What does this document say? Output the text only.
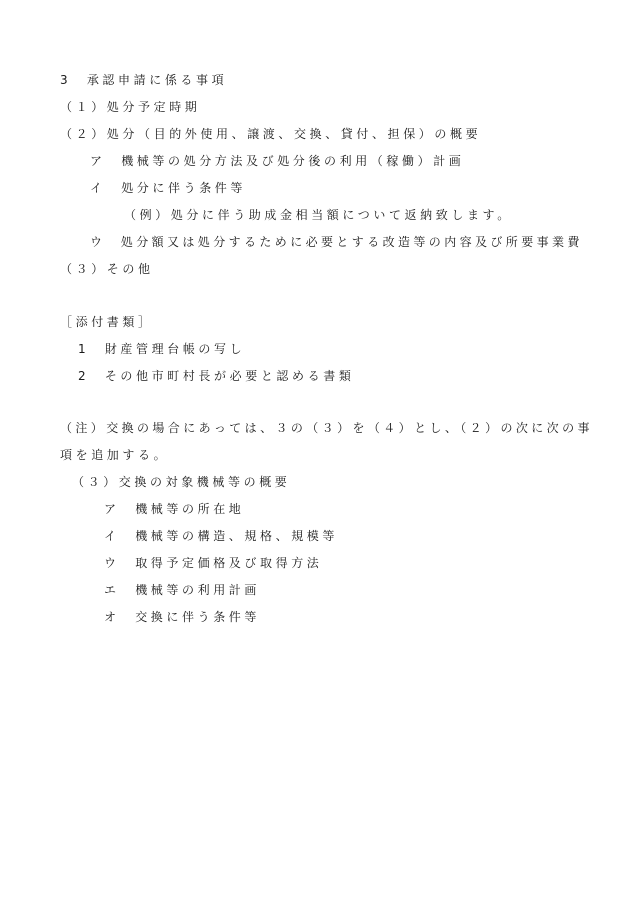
3　承認申請に係る事項
（１）処分予定時期
（２）処分（目的外使用、譲渡、交換、貸付、担保）の概要
ア　機械等の処分方法及び処分後の利用（稼働）計画
イ　処分に伴う条件等
（例）処分に伴う助成金相当額について返納致します。
ウ　処分額又は処分するために必要とする改造等の内容及び所要事業費
（３）その他
［添付書類］
1　財産管理台帳の写し
2　その他市町村長が必要と認める書類
（注）交換の場合にあっては、３の（３）を（４）とし、（２）の次に次の事
項を追加する。
（３）交換の対象機械等の概要
ア　機械等の所在地
イ　機械等の構造、規格、規模等
ウ　取得予定価格及び取得方法
エ　機械等の利用計画
オ　交換に伴う条件等
